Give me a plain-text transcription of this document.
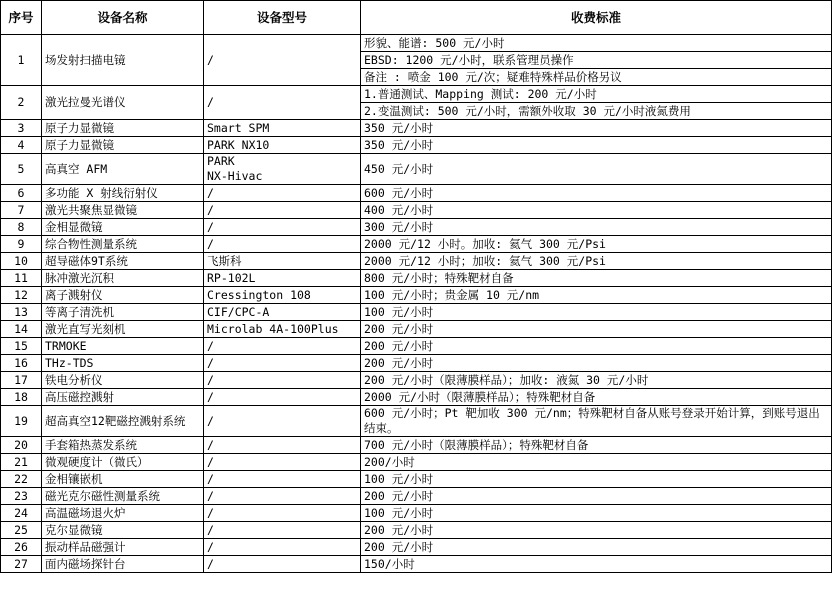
序号	设备名称	设备型号	收费标准
1	场发射扫描电镜	/	形貌、能谱: 500 元/小时
			EBSD: 1200 元/小时，联系管理员操作
			备注 : 喷金 100 元/次；疑难特殊样品价格另议
2	激光拉曼光谱仪	/	1.普通测试、Mapping 测试: 200 元/小时
			2.变温测试: 500 元/小时，需额外收取 30 元/小时液氮费用
3	原子力显微镜	Smart SPM	350 元/小时
4	原子力显微镜	PARK NX10	350 元/小时
5	高真空 AFM	PARK
NX-Hivac	450 元/小时
6	多功能 X 射线衍射仪	/	600 元/小时
7	激光共聚焦显微镜	/	400 元/小时
8	金相显微镜	/	300 元/小时
9	综合物性测量系统	/	2000 元/12 小时。加收: 氦气 300 元/Psi
10	超导磁体9T系统	飞斯科	2000 元/12 小时；加收: 氦气 300 元/Psi
11	脉冲激光沉积	RP-102L	800 元/小时；特殊靶材自备
12	离子溅射仪	Cressington 108	100 元/小时；贵金属 10 元/nm
13	等离子清洗机	CIF/CPC-A	100 元/小时
14	激光直写光刻机	Microlab 4A-100Plus	200 元/小时
15	TRMOKE	/	200 元/小时
16	THz-TDS	/	200 元/小时
17	铁电分析仪	/	200 元/小时（限薄膜样品）；加收: 液氮 30 元/小时
18	高压磁控溅射	/	2000 元/小时（限薄膜样品）；特殊靶材自备
19	超高真空12靶磁控溅射系统	/	600 元/小时；Pt 靶加收 300 元/nm；特殊靶材自备从账号登录开始计算，到账号退出结束。
20	手套箱热蒸发系统	/	700 元/小时（限薄膜样品）；特殊靶材自备
21	微观硬度计（微氏）	/	200/小时
22	金相镶嵌机	/	100 元/小时
23	磁光克尔磁性测量系统	/	200 元/小时
24	高温磁场退火炉	/	100 元/小时
25	克尔显微镜	/	200 元/小时
26	振动样品磁强计	/	200 元/小时
27	面内磁场探针台	/	150/小时
